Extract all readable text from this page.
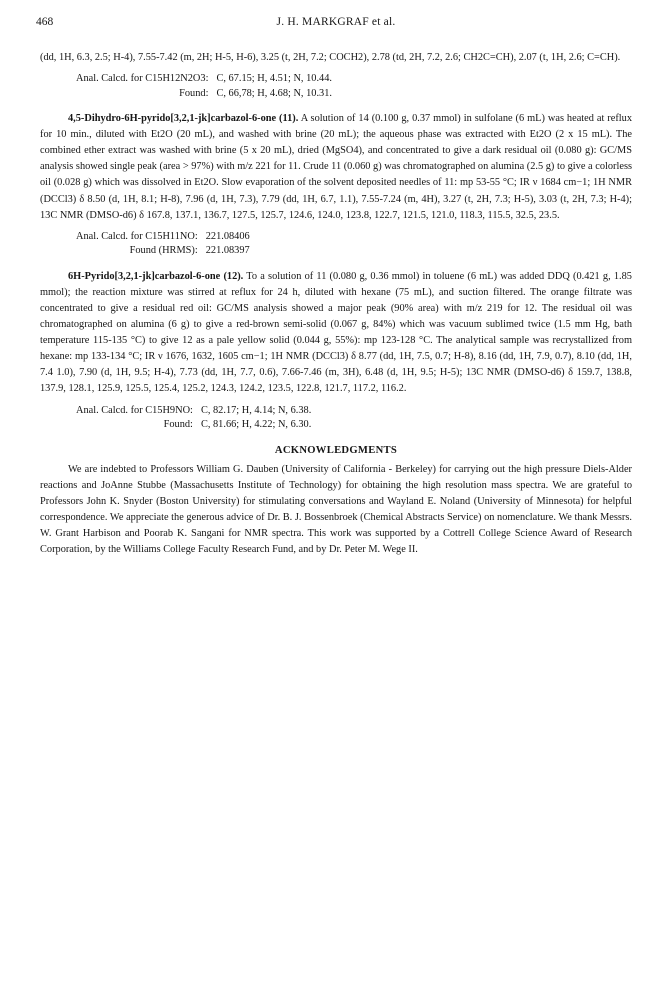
468	J. H. MARKGRAF et al.

(dd, 1H, 6.3, 2.5; H-4), 7.55-7.42 (m, 2H; H-5, H-6), 3.25 (t, 2H, 7.2; COCH2), 2.78 (td, 2H, 7.2, 2.6; CH2C=CH), 2.07 (t, 1H, 2.6; C=CH).

Anal. Calcd. for C15H12N2O3: C, 67.15; H, 4.51; N, 10.44.
Found: C, 66,78; H, 4.68; N, 10.31.

4,5-Dihydro-6H-pyrido[3,2,1-jk]carbazol-6-one (11). A solution of 14 (0.100 g, 0.37 mmol) in sulfolane (6 mL) was heated at reflux for 10 min., diluted with Et2O (20 mL), and washed with brine (20 mL); the aqueous phase was extracted with Et2O (2 x 15 mL). The combined ether extract was washed with brine (5 x 20 mL), dried (MgSO4), and concentrated to give a dark residual oil (0.080 g): GC/MS analysis showed single peak (area > 97%) with m/z 221 for 11. Crude 11 (0.060 g) was chromatographed on alumina (2.5 g) to give a colorless oil (0.028 g) which was dissolved in Et2O. Slow evaporation of the solvent deposited needles of 11: mp 53-55 °C; IR ν 1684 cm−1; 1H NMR (DCCl3) δ 8.50 (d, 1H, 8.1; H-8), 7.96 (d, 1H, 7.3), 7.79 (dd, 1H, 6.7, 1.1), 7.55-7.24 (m, 4H), 3.27 (t, 2H, 7.3; H-5), 3.03 (t, 2H, 7.3; H-4); 13C NMR (DMSO-d6) δ 167.8, 137.1, 136.7, 127.5, 125.7, 124.6, 124.0, 123.8, 122.7, 121.5, 121.0, 118.3, 115.5, 32.5, 23.5.

Anal. Calcd. for C15H11NO: 221.08406
Found (HRMS): 221.08397

6H-Pyrido[3,2,1-jk]carbazol-6-one (12). To a solution of 11 (0.080 g, 0.36 mmol) in toluene (6 mL) was added DDQ (0.421 g, 1.85 mmol); the reaction mixture was stirred at reflux for 24 h, diluted with hexane (75 mL), and suction filtered. The orange filtrate was concentrated to give a residual red oil: GC/MS analysis showed a major peak (90% area) with m/z 219 for 12. The residual oil was chromatographed on alumina (6 g) to give a red-brown semi-solid (0.067 g, 84%) which was vacuum sublimed twice (1.5 mm Hg, bath temperature 115-135 °C) to give 12 as a pale yellow solid (0.044 g, 55%): mp 123-128 °C. The analytical sample was recrystallized from hexane: mp 133-134 °C; IR ν 1676, 1632, 1605 cm−1; 1H NMR (DCCl3) δ 8.77 (dd, 1H, 7.5, 0.7; H-8), 8.16 (dd, 1H, 7.9, 0.7), 8.10 (dd, 1H, 7.4 1.0), 7.90 (d, 1H, 9.5; H-4), 7.73 (dd, 1H, 7.7, 0.6), 7.66-7.46 (m, 3H), 6.48 (d, 1H, 9.5; H-5); 13C NMR (DMSO-d6) δ 159.7, 138.8, 137.9, 128.1, 125.9, 125.5, 125.4, 125.2, 124.3, 124.2, 123.5, 122.8, 121.7, 117.2, 116.2.

Anal. Calcd. for C15H9NO: C, 82.17; H, 4.14; N, 6.38.
Found: C, 81.66; H, 4.22; N, 6.30.
ACKNOWLEDGMENTS

We are indebted to Professors William G. Dauben (University of California - Berkeley) for carrying out the high pressure Diels-Alder reactions and JoAnne Stubbe (Massachusetts Institute of Technology) for obtaining the high resolution mass spectra. We are grateful to Professors John K. Snyder (Boston University) for stimulating conversations and Wayland E. Noland (University of Minnesota) for helpful correspondence. We appreciate the generous advice of Dr. B. J. Bossenbroek (Chemical Abstracts Service) on nomenclature. We thank Messrs. W. Grant Harbison and Poorab K. Sangani for NMR spectra. This work was supported by a Cottrell College Science Award of Research Corporation, by the Williams College Faculty Research Fund, and by Dr. Peter M. Wege II.
